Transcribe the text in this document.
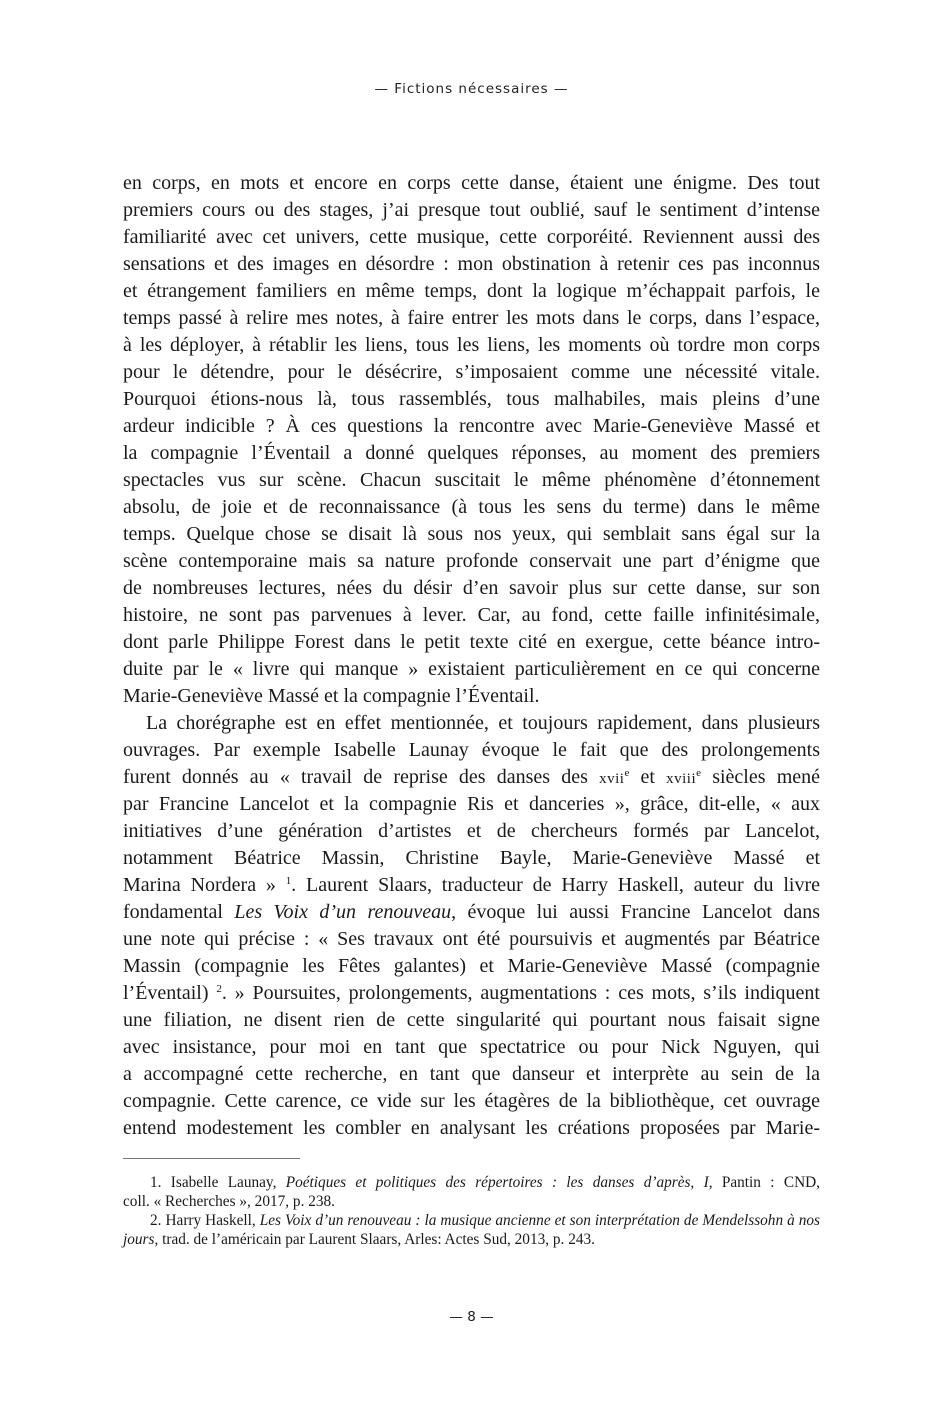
— Fictions nécessaires —
en corps, en mots et encore en corps cette danse, étaient une énigme. Des tout
premiers cours ou des stages, j’ai presque tout oublié, sauf le sentiment d’intense
familiarité avec cet univers, cette musique, cette corporéité. Reviennent aussi des
sensations et des images en désordre : mon obstination à retenir ces pas inconnus
et étrangement familiers en même temps, dont la logique m’échappait parfois, le
temps passé à relire mes notes, à faire entrer les mots dans le corps, dans l’espace,
à les déployer, à rétablir les liens, tous les liens, les moments où tordre mon corps
pour le détendre, pour le désécrire, s’imposaient comme une nécessité vitale.
Pourquoi étions-nous là, tous rassemblés, tous malhabiles, mais pleins d’une
ardeur indicible ? À ces questions la rencontre avec Marie-Geneviève Massé et
la compagnie l’Éventail a donné quelques réponses, au moment des premiers
spectacles vus sur scène. Chacun suscitait le même phénomène d’étonnement
absolu, de joie et de reconnaissance (à tous les sens du terme) dans le même
temps. Quelque chose se disait là sous nos yeux, qui semblait sans égal sur la
scène contemporaine mais sa nature profonde conservait une part d’énigme que
de nombreuses lectures, nées du désir d’en savoir plus sur cette danse, sur son
histoire, ne sont pas parvenues à lever. Car, au fond, cette faille infinitésimale,
dont parle Philippe Forest dans le petit texte cité en exergue, cette béance intro-
duite par le « livre qui manque » existaient particulièrement en ce qui concerne
Marie-Geneviève Massé et la compagnie l’Éventail.
La chorégraphe est en effet mentionnée, et toujours rapidement, dans plusieurs
ouvrages. Par exemple Isabelle Launay évoque le fait que des prolongements
furent donnés au « travail de reprise des danses des xvii$^e$ et xviii$^e$ siècles mené
par Francine Lancelot et la compagnie Ris et danceries », grâce, dit-elle, « aux
initiatives d’une génération d’artistes et de chercheurs formés par Lancelot,
notamment Béatrice Massin, Christine Bayle, Marie-Geneviève Massé et
Marina Nordera » $^1$. Laurent Slaars, traducteur de Harry Haskell, auteur du livre
fondamental Les Voix d’un renouveau, évoque lui aussi Francine Lancelot dans
une note qui précise : « Ses travaux ont été poursuivis et augmentés par Béatrice
Massin (compagnie les Fêtes galantes) et Marie-Geneviève Massé (compagnie
l’Éventail) $^2$. » Poursuites, prolongements, augmentations : ces mots, s’ils indiquent
une filiation, ne disent rien de cette singularité qui pourtant nous faisait signe
avec insistance, pour moi en tant que spectatrice ou pour Nick Nguyen, qui
a accompagné cette recherche, en tant que danseur et interprète au sein de la
compagnie. Cette carence, ce vide sur les étagères de la bibliothèque, cet ouvrage
entend modestement les combler en analysant les créations proposées par Marie-
1. Isabelle Launay, Poétiques et politiques des répertoires : les danses d’après, I, Pantin : CND,
coll. « Recherches », 2017, p. 238.
2. Harry Haskell, Les Voix d’un renouveau : la musique ancienne et son interprétation de Mendelssohn à nos
jours, trad. de l’américain par Laurent Slaars, Arles: Actes Sud, 2013, p. 243.
— 8 —
